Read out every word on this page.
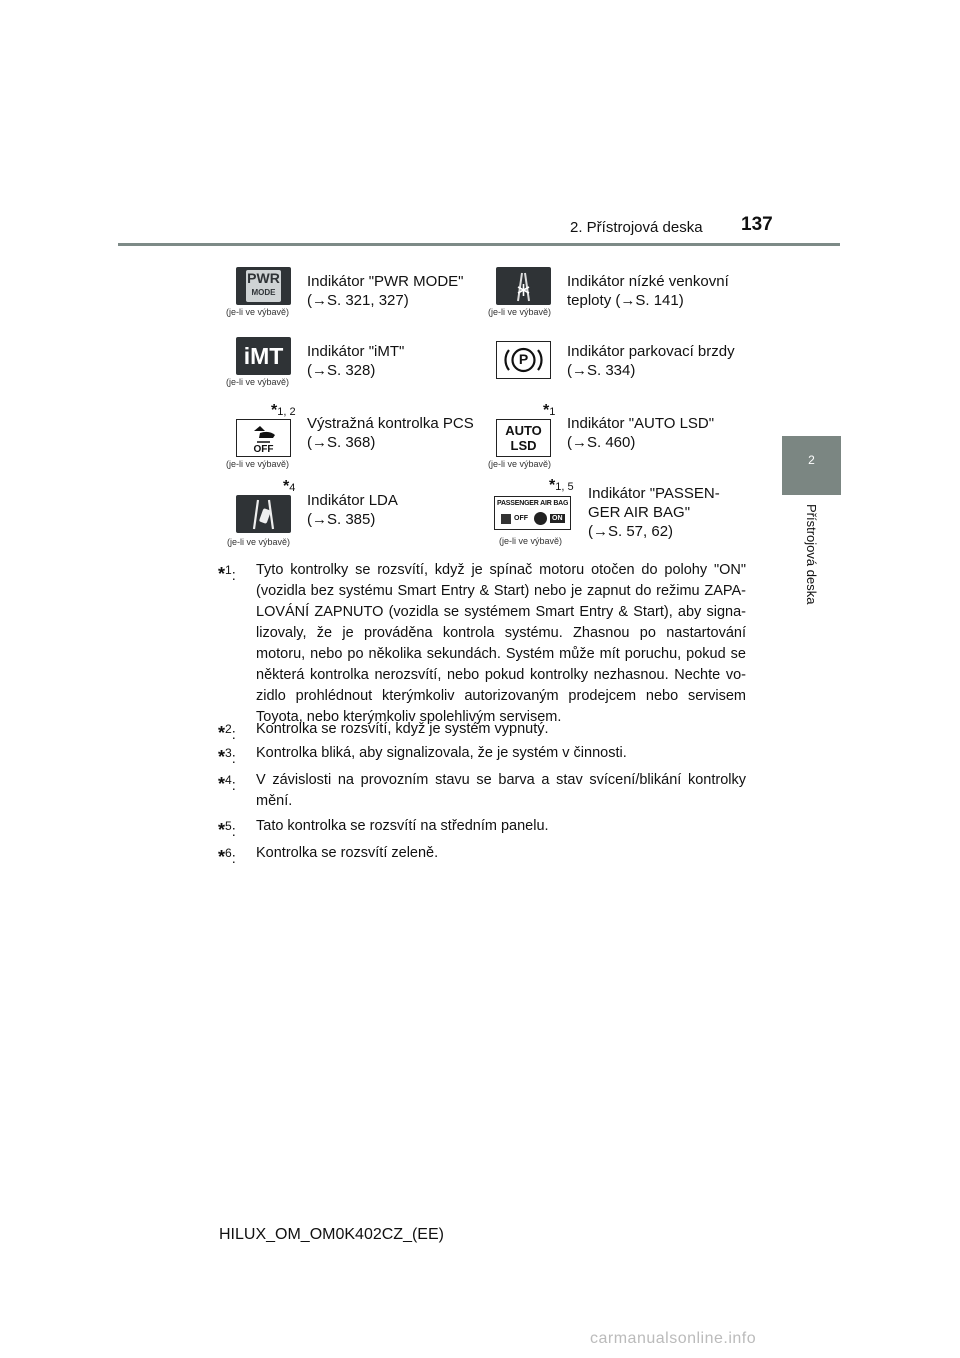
2. Přístrojová deska 137
2
Přístrojová deska
PWR
MODE
(je-li ve výbavě)
Indikátor "PWR MODE"
(→S. 321, 327)
(je-li ve výbavě)
Indikátor nízké venkovní
teploty (→S. 141)
iMT
(je-li ve výbavě)
Indikátor "iMT"
(→S. 328)
P	Indikátor parkovací brzdy
(→S. 334)
*1, 2
OFF
(je-li ve výbavě)
Výstražná kontrolka PCS
(→S. 368)
*1
AUTO
LSD
(je-li ve výbavě)
Indikátor "AUTO LSD"
(→S. 460)
*4
(je-li ve výbavě)
Indikátor LDA
(→S. 385)
*1, 5
PASSENGER AIR BAG
OFF	ON
(je-li ve výbavě)
Indikátor "PASSEN-
GER AIR BAG"
(→S. 57, 62)
*$^1$: Tyto kontrolky se rozsvítí, když je spínač motoru otočen do polohy "ON" (vozidla bez systému Smart Entry & Start) nebo je zapnut do režimu ZAPALOVÁNÍ ZAPNUTO (vozidla se systémem Smart Entry & Start), aby signalizovaly, že je prováděna kontrola systému. Zhasnou po nastartování motoru, nebo po několika sekundách. Systém může mít poruchu, pokud se některá kontrolka nerozsvítí, nebo pokud kontrolky nezhasnou. Nechte vozidlo prohlédnout kterýmkoliv autorizovaným prodejcem nebo servisem Toyota, nebo kterýmkoliv spolehlivým servisem.
*$^2$: Kontrolka se rozsvítí, když je systém vypnutý.
*$^3$: Kontrolka bliká, aby signalizovala, že je systém v činnosti.
*$^4$: V závislosti na provozním stavu se barva a stav svícení/blikání kontrolky mění.
*$^5$: Tato kontrolka se rozsvítí na středním panelu.
*$^6$: Kontrolka se rozsvítí zeleně.
HILUX_OM_OM0K402CZ_(EE)
carmanualsonline.info
